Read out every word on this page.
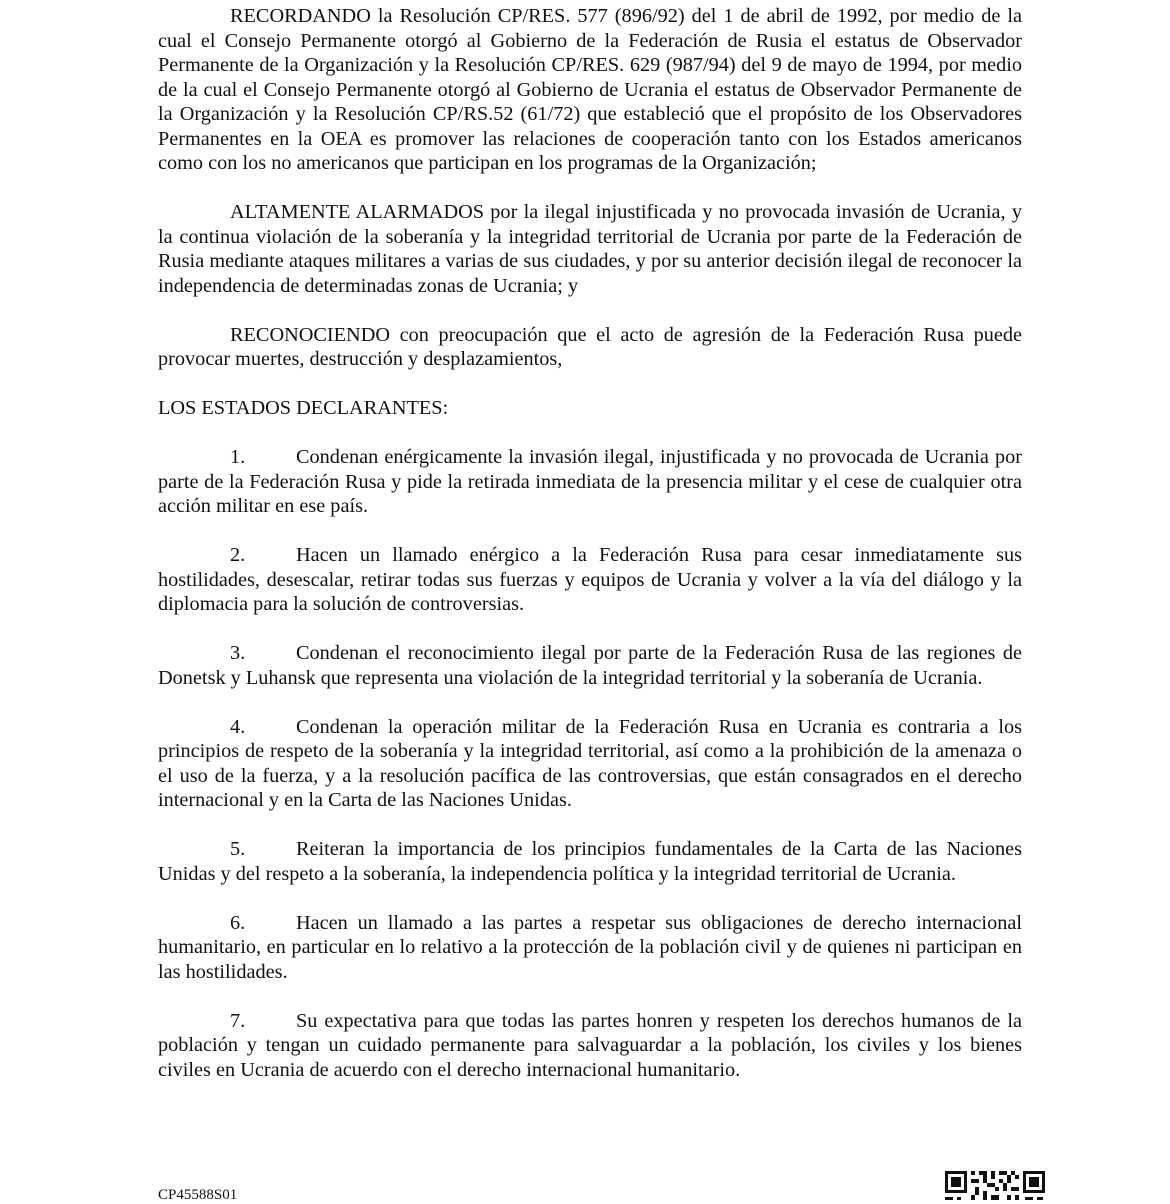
RECORDANDO la Resolución CP/RES. 577 (896/92) del 1 de abril de 1992, por medio de la cual el Consejo Permanente otorgó al Gobierno de la Federación de Rusia el estatus de Observador Permanente de la Organización y la Resolución CP/RES. 629 (987/94) del 9 de mayo de 1994, por medio de la cual el Consejo Permanente otorgó al Gobierno de Ucrania el estatus de Observador Permanente de la Organización y la Resolución CP/RS.52 (61/72) que estableció que el propósito de los Observadores Permanentes en la OEA es promover las relaciones de cooperación tanto con los Estados americanos como con los no americanos que participan en los programas de la Organización;

ALTAMENTE ALARMADOS por la ilegal injustificada y no provocada invasión de Ucrania, y la continua violación de la soberanía y la integridad territorial de Ucrania por parte de la Federación de Rusia mediante ataques militares a varias de sus ciudades, y por su anterior decisión ilegal de reconocer la independencia de determinadas zonas de Ucrania; y

RECONOCIENDO con preocupación que el acto de agresión de la Federación Rusa puede provocar muertes, destrucción y desplazamientos,

LOS ESTADOS DECLARANTES:

1.	Condenan enérgicamente la invasión ilegal, injustificada y no provocada de Ucrania por parte de la Federación Rusa y pide la retirada inmediata de la presencia militar y el cese de cualquier otra acción militar en ese país.

2.	Hacen un llamado enérgico a la Federación Rusa para cesar inmediatamente sus hostilidades, desescalar, retirar todas sus fuerzas y equipos de Ucrania y volver a la vía del diálogo y la diplomacia para la solución de controversias.

3.	Condenan el reconocimiento ilegal por parte de la Federación Rusa de las regiones de Donetsk y Luhansk que representa una violación de la integridad territorial y la soberanía de Ucrania.

4.	Condenan la operación militar de la Federación Rusa en Ucrania es contraria a los principios de respeto de la soberanía y la integridad territorial, así como a la prohibición de la amenaza o el uso de la fuerza, y a la resolución pacífica de las controversias, que están consagrados en el derecho internacional y en la Carta de las Naciones Unidas.

5.	Reiteran la importancia de los principios fundamentales de la Carta de las Naciones Unidas y del respeto a la soberanía, la independencia política y la integridad territorial de Ucrania.

6.	Hacen un llamado a las partes a respetar sus obligaciones de derecho internacional humanitario, en particular en lo relativo a la protección de la población civil y de quienes ni participan en las hostilidades.

7.	Su expectativa para que todas las partes honren y respeten los derechos humanos de la población y tengan un cuidado permanente para salvaguardar a la población, los civiles y los bienes civiles en Ucrania de acuerdo con el derecho internacional humanitario.

CP45588S01
